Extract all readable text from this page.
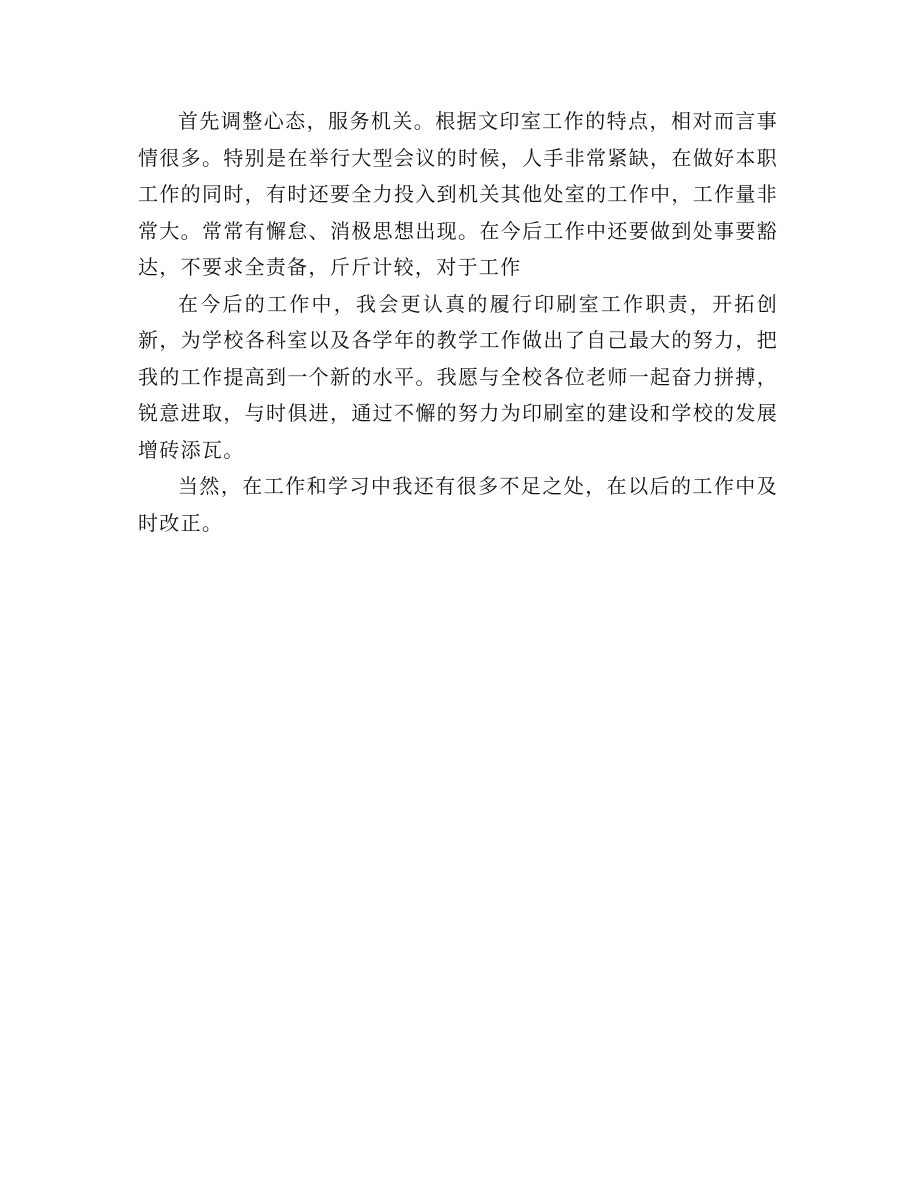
首先调整心态，服务机关。根据文印室工作的特点，相对而言事情很多。特别是在举行大型会议的时候，人手非常紧缺，在做好本职工作的同时，有时还要全力投入到机关其他处室的工作中，工作量非常大。常常有懈怠、消极思想出现。在今后工作中还要做到处事要豁达，不要求全责备，斤斤计较，对于工作

在今后的工作中，我会更认真的履行印刷室工作职责，开拓创新，为学校各科室以及各学年的教学工作做出了自己最大的努力，把我的工作提高到一个新的水平。我愿与全校各位老师一起奋力拼搏，锐意进取，与时俱进，通过不懈的努力为印刷室的建设和学校的发展增砖添瓦。

当然，在工作和学习中我还有很多不足之处，在以后的工作中及时改正。
